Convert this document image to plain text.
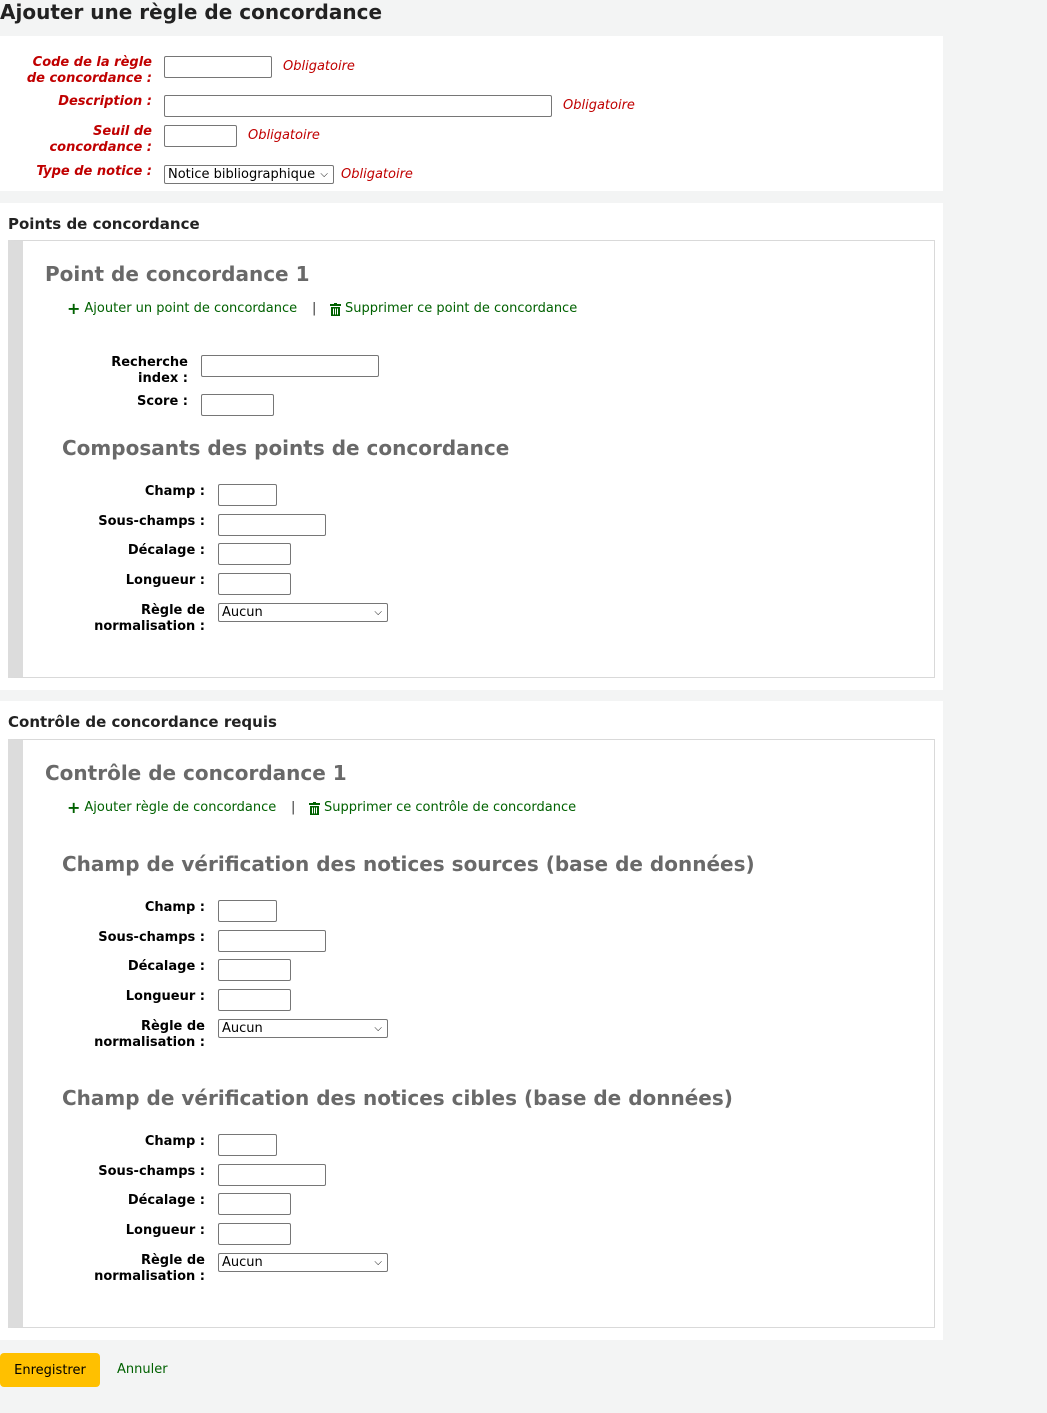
Ajouter une règle de concordance
Code de la règle de concordance :
Obligatoire
Description :	Obligatoire
Seuil de concordance :
Obligatoire
Type de notice : Notice bibliographique ⌵ Obligatoire
Points de concordance
Point de concordance 1
+ Ajouter un point de concordance | Supprimer ce point de concordance
Recherche index :
Score :
Composants des points de concordance
Champ :
Sous-champs :
Décalage :
Longueur :
Règle de normalisation :
Aucun	⌵
Contrôle de concordance requis
Contrôle de concordance 1
+ Ajouter règle de concordance | Supprimer ce contrôle de concordance
Champ de vérification des notices sources (base de données)
Champ :
Sous-champs :
Décalage :
Longueur :
Règle de normalisation :
Aucun	⌵
Champ de vérification des notices cibles (base de données)
Champ :
Sous-champs :
Décalage :
Longueur :
Règle de normalisation :
Aucun	⌵
Enregistrer	Annuler
